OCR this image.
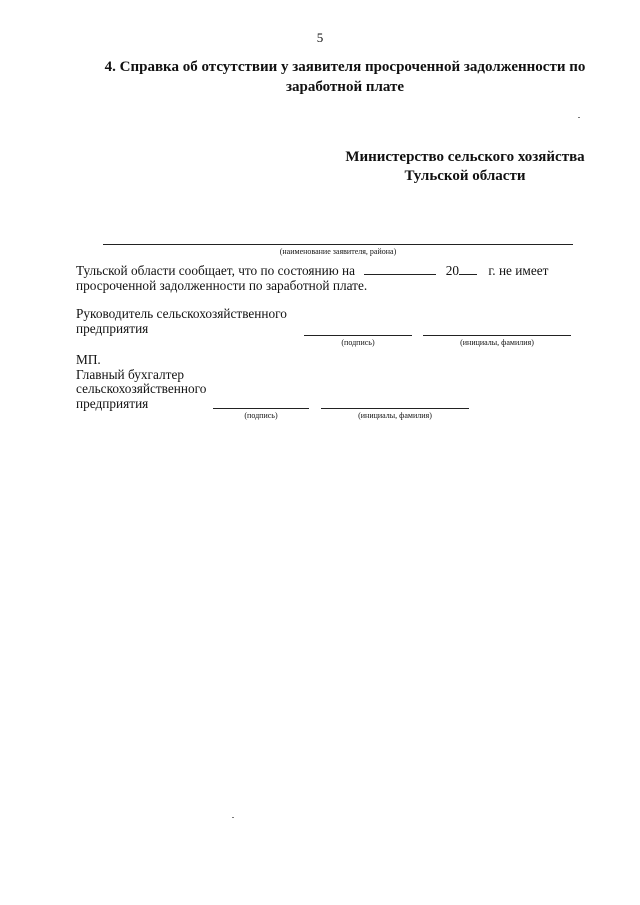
5
4. Справка об отсутствии у заявителя просроченной задолженности по
заработной плате
Министерство сельского хозяйства
Тульской области
(наименование заявителя, района)
Тульской области сообщает, что по состоянию на	20 г. не имеет
просроченной задолженности по заработной плате.
Руководитель сельскохозяйственного
предприятия
(подпись)	(инициалы, фамилия)
МП.
Главный бухгалтер
сельскохозяйственного
предприятия
(подпись)	(инициалы, фамилия)
